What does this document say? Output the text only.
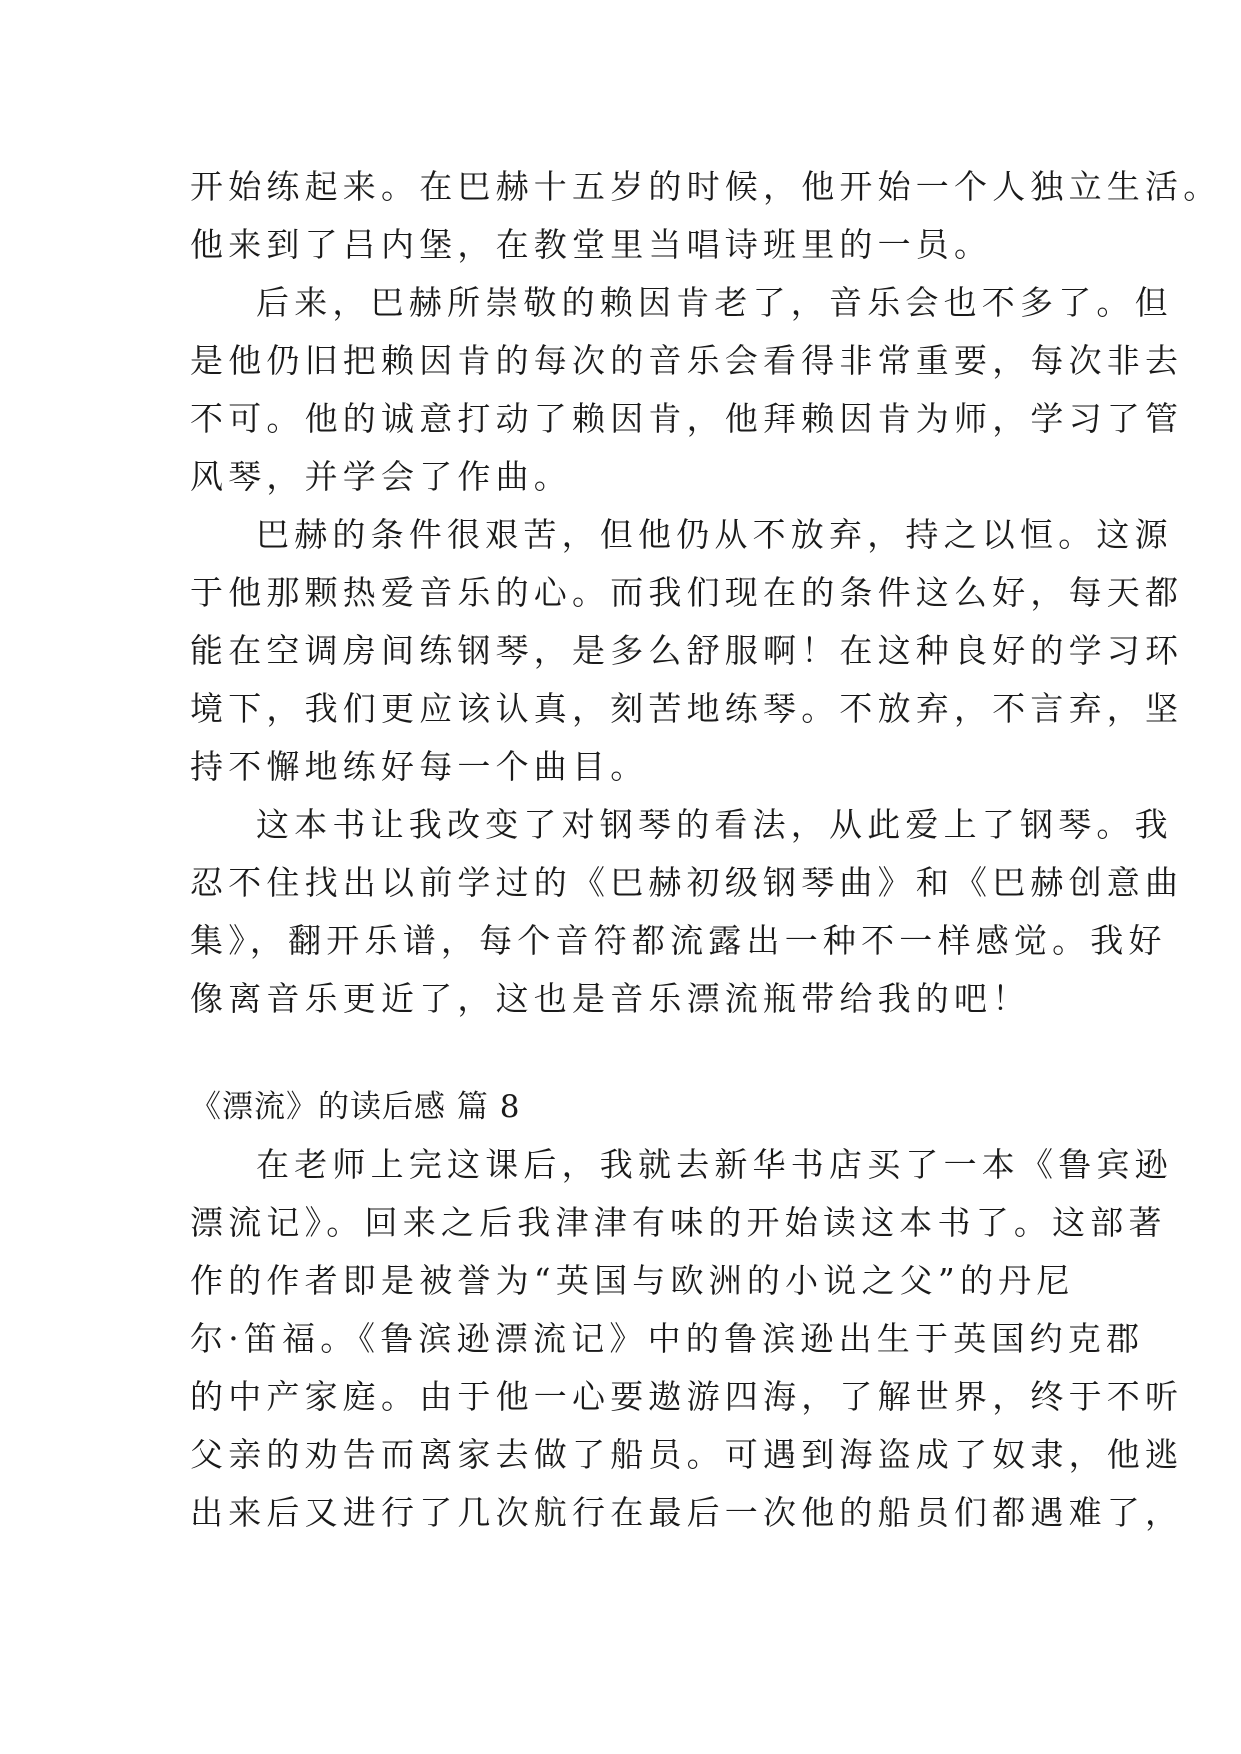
开始练起来。在巴赫十五岁的时候，他开始一个人独立生活。
他来到了吕内堡，在教堂里当唱诗班里的一员。
后来，巴赫所崇敬的赖因肯老了，音乐会也不多了。但
是他仍旧把赖因肯的每次的音乐会看得非常重要，每次非去
不可。他的诚意打动了赖因肯，他拜赖因肯为师，学习了管
风琴，并学会了作曲。
巴赫的条件很艰苦，但他仍从不放弃，持之以恒。这源
于他那颗热爱音乐的心。而我们现在的条件这么好，每天都
能在空调房间练钢琴，是多么舒服啊！在这种良好的学习环
境下，我们更应该认真，刻苦地练琴。不放弃，不言弃，坚
持不懈地练好每一个曲目。
这本书让我改变了对钢琴的看法，从此爱上了钢琴。我
忍不住找出以前学过的《巴赫初级钢琴曲》和《巴赫创意曲
集》，翻开乐谱，每个音符都流露出一种不一样感觉。我好
像离音乐更近了，这也是音乐漂流瓶带给我的吧！
《漂流》的读后感 篇 8
在老师上完这课后，我就去新华书店买了一本《鲁宾逊
漂流记》。回来之后我津津有味的开始读这本书了。这部著
作的作者即是被誉为“英国与欧洲的小说之父”的丹尼
尔·笛福。《鲁滨逊漂流记》中的鲁滨逊出生于英国约克郡
的中产家庭。由于他一心要遨游四海，了解世界，终于不听
父亲的劝告而离家去做了船员。可遇到海盗成了奴隶，他逃
出来后又进行了几次航行在最后一次他的船员们都遇难了，
